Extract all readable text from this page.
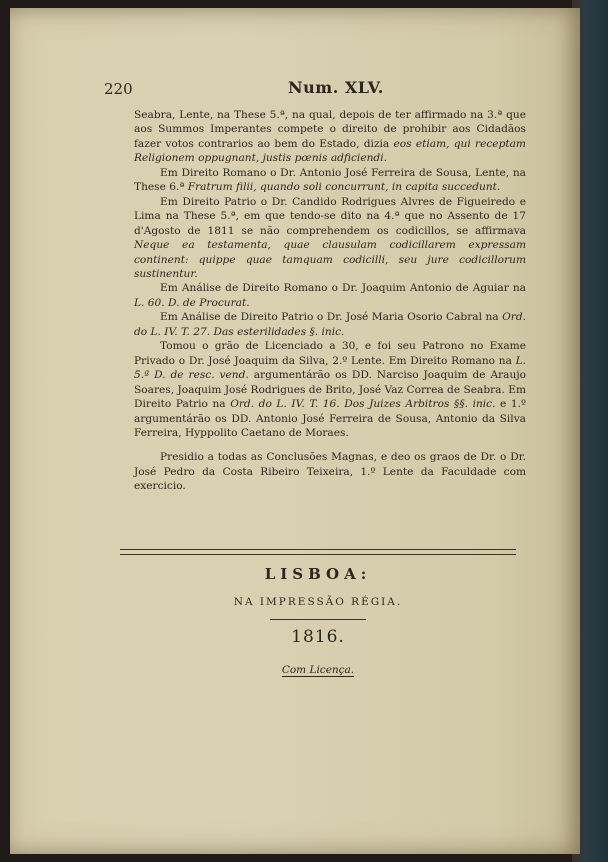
220	Num. XLV.

Seabra, Lente, na These 5.ª, na qual, depois de ter affirmado na 3.ª que aos Summos Imperantes compete o direito de prohibir aos Cidadãos fazer votos contrarios ao bem do Estado, dizia eos etiam, qui receptam Religionem oppugnant, justis pœnis adficiendi.

Em Direito Romano o Dr. Antonio José Ferreira de Sousa, Lente, na These 6.ª Fratrum filii, quando soli concurrunt, in capita succedunt.

Em Direito Patrio o Dr. Candido Rodrigues Alvres de Figueiredo e Lima na These 5.ª, em que tendo-se dito na 4.ª que no Assento de 17 d'Agosto de 1811 se não comprehendem os codicillos, se affirmava Neque ea testamenta, quae clausulam codicillarem expressam continent: quippe quae tamquam codicilli, seu jure codicillorum sustinentur.

Em Análise de Direito Romano o Dr. Joaquim Antonio de Aguiar na L. 60. D. de Procurat.

Em Análise de Direito Patrio o Dr. José Maria Osorio Cabral na Ord. do L. IV. T. 27. Das esterilidades §. inic.

Tomou o grão de Licenciado a 30, e foi seu Patrono no Exame Privado o Dr. José Joaquim da Silva, 2.º Lente. Em Direito Romano na L. 5.ª D. de resc. vend. argumentárão os DD. Narciso Joaquim de Araujo Soares, Joaquim José Rodrigues de Brito, José Vaz Correa de Seabra. Em Direito Patrio na Ord. do L. IV. T. 16. Dos Juizes Arbitros §§. inic. e 1.º argumentárão os DD. Antonio José Ferreira de Sousa, Antonio da Silva Ferreira, Hyppolito Caetano de Moraes.

Presidio a todas as Conclusões Magnas, e deo os graos de Dr. o Dr. José Pedro da Costa Ribeiro Teixeira, 1.º Lente da Faculdade com exercicio.

LISBOA:
NA IMPRESSÃO RÉGIA.
1816.
Com Licença.
